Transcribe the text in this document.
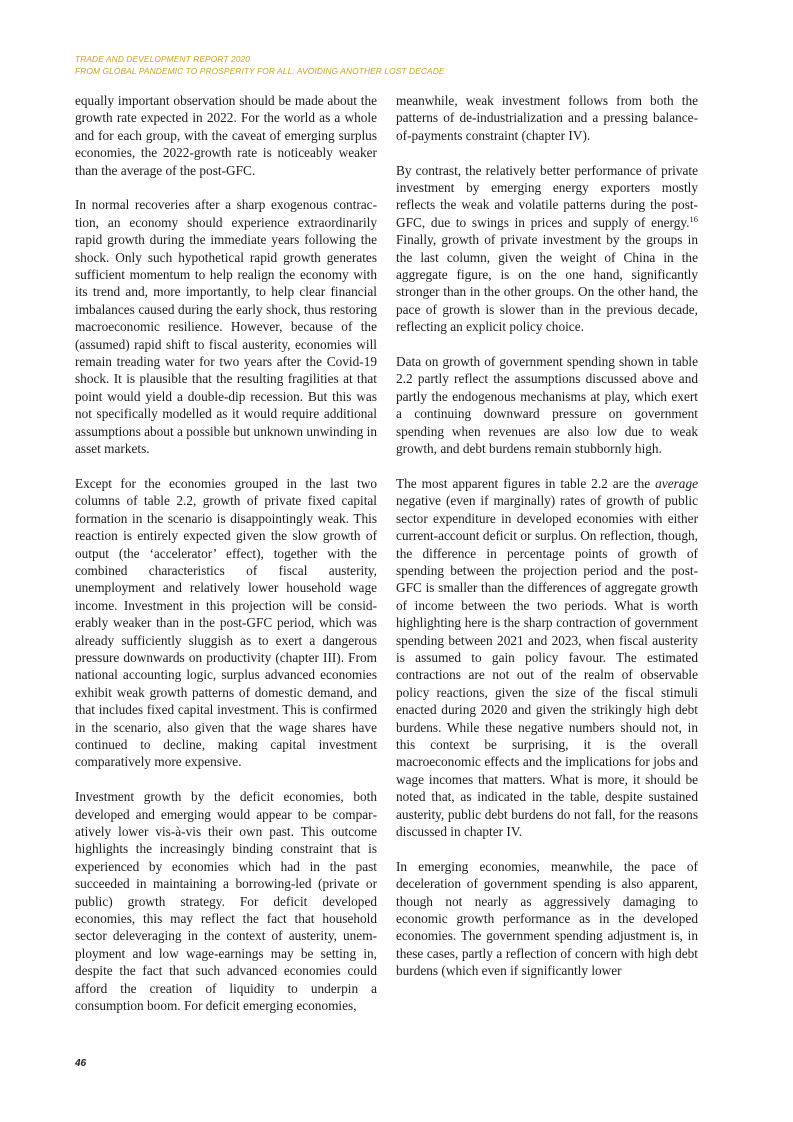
TRADE AND DEVELOPMENT REPORT 2020
FROM GLOBAL PANDEMIC TO PROSPERITY FOR ALL: AVOIDING ANOTHER LOST DECADE

equally important observation should be made about the growth rate expected in 2022. For the world as a whole and for each group, with the caveat of emerging surplus economies, the 2022-growth rate is noticeably weaker than the average of the post-GFC.

In normal recoveries after a sharp exogenous contraction, an economy should experience extraordinarily rapid growth during the immediate years following the shock. Only such hypothetical rapid growth generates sufficient momentum to help realign the economy with its trend and, more importantly, to help clear financial imbalances caused during the early shock, thus restoring macroeconomic resilience. However, because of the (assumed) rapid shift to fiscal austerity, economies will remain treading water for two years after the Covid-19 shock. It is plausible that the resulting fragilities at that point would yield a double-dip recession. But this was not specifically modelled as it would require additional assumptions about a possible but unknown unwinding in asset markets.

Except for the economies grouped in the last two columns of table 2.2, growth of private fixed capital formation in the scenario is disappointingly weak. This reaction is entirely expected given the slow growth of output (the ‘accelerator’ effect), together with the combined characteristics of fiscal austerity, unemployment and relatively lower household wage income. Investment in this projection will be considerably weaker than in the post-GFC period, which was already sufficiently sluggish as to exert a dangerous pressure downwards on productivity (chapter III). From national accounting logic, surplus advanced economies exhibit weak growth patterns of domestic demand, and that includes fixed capital investment. This is confirmed in the scenario, also given that the wage shares have continued to decline, making capital investment comparatively more expensive.

Investment growth by the deficit economies, both developed and emerging would appear to be comparatively lower vis-à-vis their own past. This outcome highlights the increasingly binding constraint that is experienced by economies which had in the past succeeded in maintaining a borrowing-led (private or public) growth strategy. For deficit developed economies, this may reflect the fact that household sector deleveraging in the context of austerity, unemployment and low wage-earnings may be setting in, despite the fact that such advanced economies could afford the creation of liquidity to underpin a consumption boom. For deficit emerging economies,

meanwhile, weak investment follows from both the patterns of de-industrialization and a pressing balance-of-payments constraint (chapter IV).

By contrast, the relatively better performance of private investment by emerging energy exporters mostly reflects the weak and volatile patterns during the post-GFC, due to swings in prices and supply of energy.$^{16}$ Finally, growth of private investment by the groups in the last column, given the weight of China in the aggregate figure, is on the one hand, significantly stronger than in the other groups. On the other hand, the pace of growth is slower than in the previous decade, reflecting an explicit policy choice.

Data on growth of government spending shown in table 2.2 partly reflect the assumptions discussed above and partly the endogenous mechanisms at play, which exert a continuing downward pressure on government spending when revenues are also low due to weak growth, and debt burdens remain stubbornly high.

The most apparent figures in table 2.2 are the average negative (even if marginally) rates of growth of public sector expenditure in developed economies with either current-account deficit or surplus. On reflection, though, the difference in percentage points of growth of spending between the projection period and the post-GFC is smaller than the differences of aggregate growth of income between the two periods. What is worth highlighting here is the sharp contraction of government spending between 2021 and 2023, when fiscal austerity is assumed to gain policy favour. The estimated contractions are not out of the realm of observable policy reactions, given the size of the fiscal stimuli enacted during 2020 and given the strikingly high debt burdens. While these negative numbers should not, in this context be surprising, it is the overall macroeconomic effects and the implications for jobs and wage incomes that matters. What is more, it should be noted that, as indicated in the table, despite sustained austerity, public debt burdens do not fall, for the reasons discussed in chapter IV.

In emerging economies, meanwhile, the pace of deceleration of government spending is also apparent, though not nearly as aggressively damaging to economic growth performance as in the developed economies. The government spending adjustment is, in these cases, partly a reflection of concern with high debt burdens (which even if significantly lower

46
